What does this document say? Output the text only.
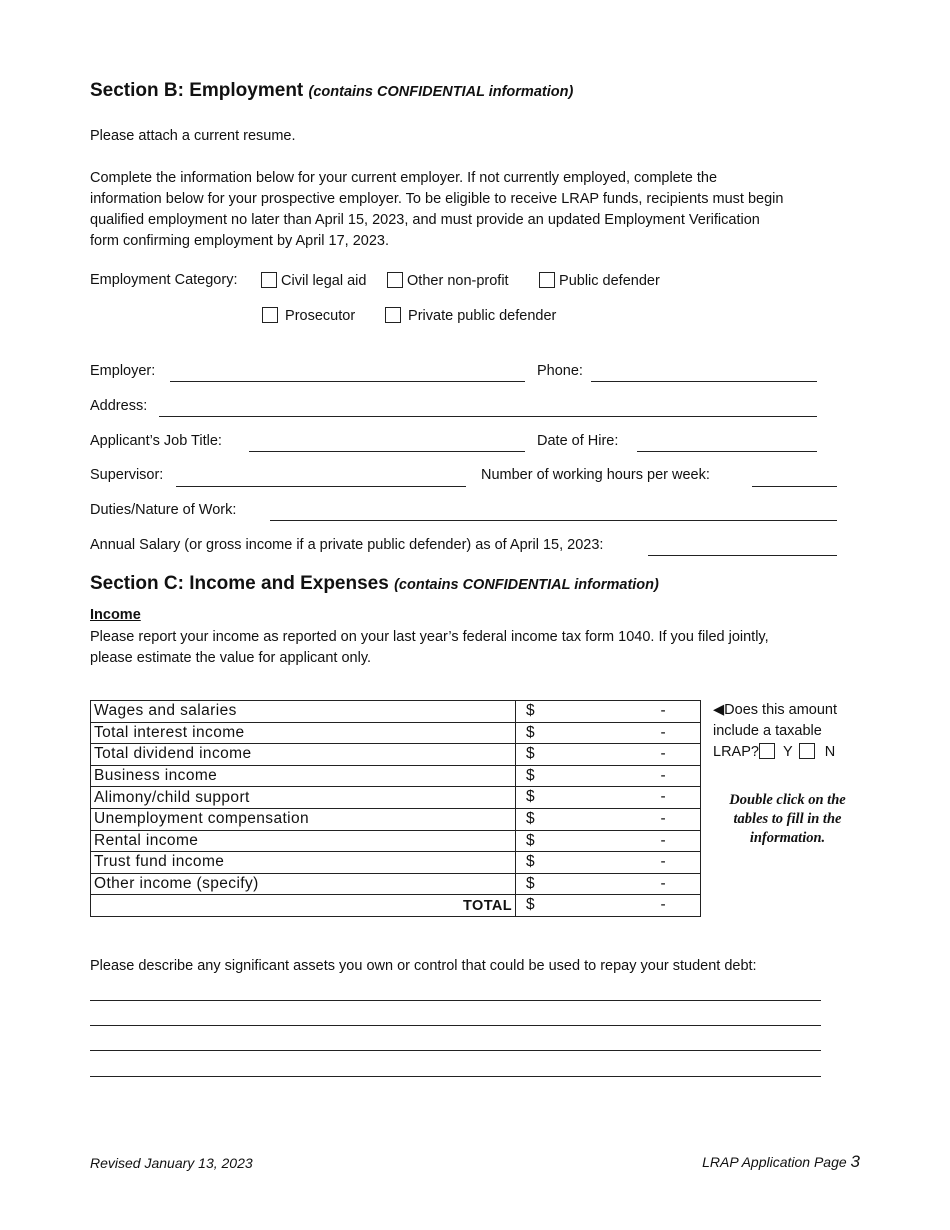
Section B: Employment (contains CONFIDENTIAL information)
Please attach a current resume.
Complete the information below for your current employer. If not currently employed, complete the
information below for your prospective employer. To be eligible to receive LRAP funds, recipients must begin
qualified employment no later than April 15, 2023, and must provide an updated Employment Verification
form confirming employment by April 17, 2023.
Employment Category:	Civil legal aid	Other non-profit	Public defender
Prosecutor	Private public defender
Employer:	Phone:
Address:
Applicant’s Job Title:	Date of Hire:
Supervisor:	Number of working hours per week:
Duties/Nature of Work:
Annual Salary (or gross income if a private public defender) as of April 15, 2023:
Section C: Income and Expenses (contains CONFIDENTIAL information)
Income
Please report your income as reported on your last year’s federal income tax form 1040. If you filed jointly,
please estimate the value for applicant only.
Wages and salaries	$ -

Total interest income	$ -

Total dividend income	$ -

Business income	$ -

Alimony/child support	$ -

Unemployment compensation	$ -

Rental income	$ -

Trust fund income	$ -

Other income (specify)	$ -

TOTAL	$ -
◀Does this amount
include a taxable
LRAP? Y N
Double click on the
tables to fill in the
information.
Please describe any significant assets you own or control that could be used to repay your student debt:
Revised January 13, 2023	LRAP Application Page 3
